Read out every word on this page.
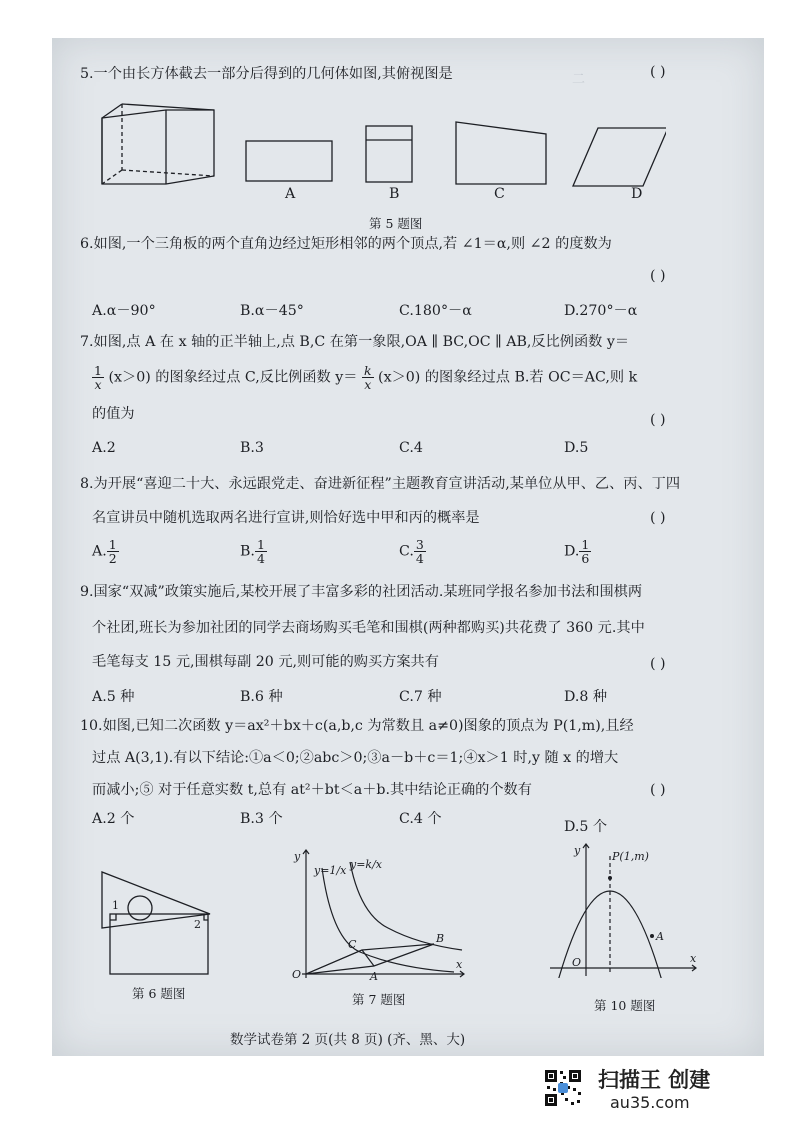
二
5.一个由长方体截去一部分后得到的几何体如图,其俯视图是	( )
A	B	C	D
第 5 题图
6.如图,一个三角板的两个直角边经过矩形相邻的两个顶点,若 ∠1＝α,则 ∠2 的度数为
( )
A.α－90°	B.α－45°	C.180°－α	D.270°－α
7.如图,点 A 在 x 轴的正半轴上,点 B,C 在第一象限,OA ∥ BC,OC ∥ AB,反比例函数 y＝
$\frac{1}{x} (x>0)$ 的图象经过点 C,反比例函数 $y= \frac{k}{x} (x>0)$ 的图象经过点 B.若 OC＝AC,则 k
的值为	( )
A.2	B.3	C.4	D.5
8.为开展“喜迎二十大、永远跟党走、奋进新征程”主题教育宣讲活动,某单位从甲、乙、丙、丁四
名宣讲员中随机选取两名进行宣讲,则恰好选中甲和丙的概率是	( )
A. $\frac{1}{2}$	B. $\frac{1}{4}$	C. $\frac{3}{4}$	D. $\frac{1}{6}$
9.国家“双减”政策实施后,某校开展了丰富多彩的社团活动.某班同学报名参加书法和围棋两
个社团,班长为参加社团的同学去商场购买毛笔和围棋(两种都购买)共花费了 360 元.其中
毛笔每支 15 元,围棋每副 20 元,则可能的购买方案共有	( )
A.5 种	B.6 种	C.7 种	D.8 种
10.如图,已知二次函数 y＝ax²＋bx＋c(a,b,c 为常数且 a≠0)图象的顶点为 P(1,m),且经
过点 A(3,1).有以下结论:①a＜0;②abc＞0;③a－b＋c＝1;④x＞1 时,y 随 x 的增大
而减小;⑤ 对于任意实数 t,总有 at²＋bt＜a＋b.其中结论正确的个数有	( )
A.2 个	B.3 个	C.4 个	D.5 个
1
2
第 6 题图
y
x
O	A
B
C
y=1/x y=k/x
第 7 题图
y
x
O
A
P(1,m)
第 10 题图
数学试卷第 2 页(共 8 页) (齐、黑、大)
扫描王 创建
au35.com
